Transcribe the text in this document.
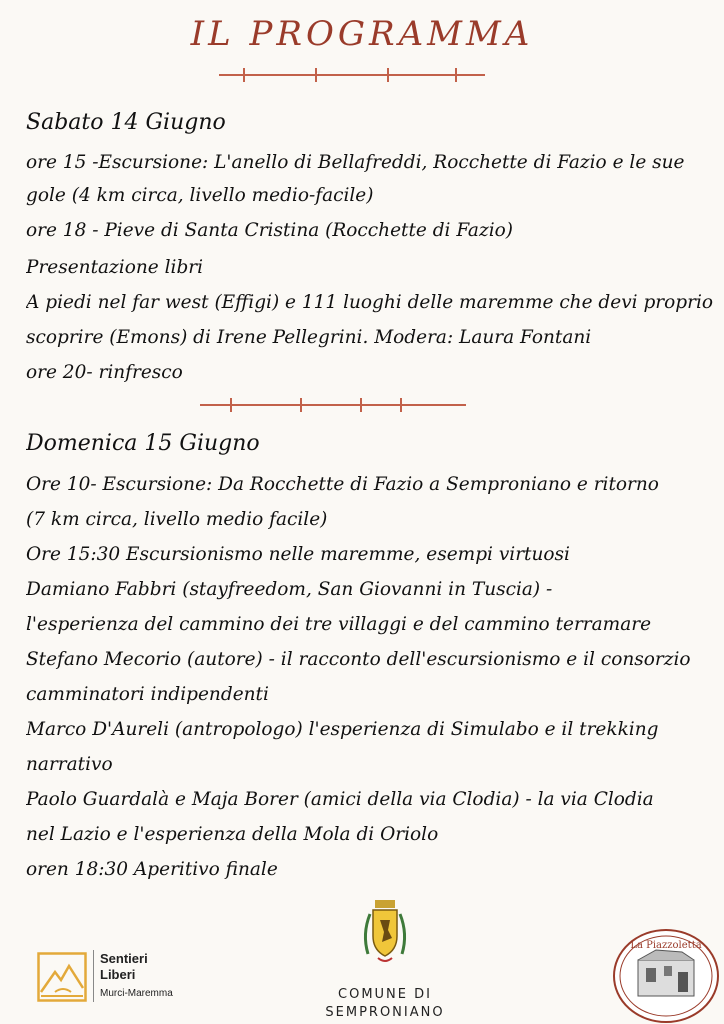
IL PROGRAMMA
Sabato 14 Giugno
ore 15 -Escursione: L'anello di Bellafreddi, Rocchette di Fazio e le sue
gole (4 km circa, livello medio-facile)
ore 18 - Pieve di Santa Cristina (Rocchette di Fazio)
Presentazione libri
A piedi nel far west (Effigi) e 111 luoghi delle maremme che devi proprio
scoprire (Emons) di Irene Pellegrini. Modera: Laura Fontani
ore 20- rinfresco
Domenica 15 Giugno
Ore 10- Escursione: Da Rocchette di Fazio a Semproniano e ritorno
(7 km circa, livello medio facile)
Ore 15:30 Escursionismo nelle maremme, esempi virtuosi
Damiano Fabbri (stayfreedom, San Giovanni in Tuscia) -
l'esperienza del cammino dei tre villaggi e del cammino terramare
Stefano Mecorio (autore) - il racconto dell'escursionismo e il consorzio
camminatori indipendenti
Marco D'Aureli (antropologo) l'esperienza di Simulabo e il trekking
narrativo
Paolo Guardalà e Maja Borer (amici della via Clodia) - la via Clodia
nel Lazio e l'esperienza della Mola di Oriolo
oren 18:30 Aperitivo finale
Sentieri
Liberi
Murci-Maremma	COMUNE DI
SEMPRONIANO
La Piazzoletta
